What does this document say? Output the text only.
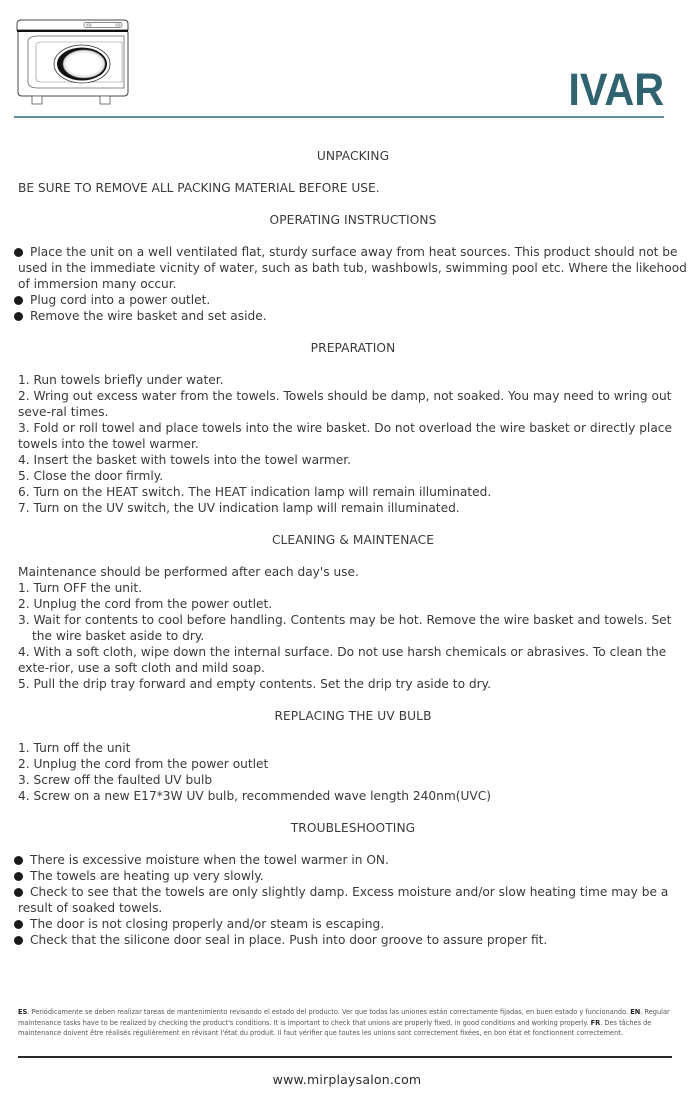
IVAR
UNPACKING
BE SURE TO REMOVE ALL PACKING MATERIAL BEFORE USE.
OPERATING INSTRUCTIONS
Place the unit on a well ventilated flat, sturdy surface away from heat sources. This product should not be used in the immediate vicnity of water, such as bath tub, washbowls, swimming pool etc. Where the likehood of immersion many occur.
Plug cord into a power outlet.
Remove the wire basket and set aside.
PREPARATION
1. Run towels briefly under water.
2. Wring out excess water from the towels. Towels should be damp, not soaked. You may need to wring out seve-ral times.
3. Fold or roll towel and place towels into the wire basket. Do not overload the wire basket or directly place towels into the towel warmer.
4. Insert the basket with towels into the towel warmer.
5. Close the door firmly.
6. Turn on the HEAT switch. The HEAT indication lamp will remain illuminated.
7. Turn on the UV switch, the UV indication lamp will remain illuminated.
CLEANING & MAINTENACE
Maintenance should be performed after each day's use.
1. Turn OFF the unit.
2. Unplug the cord from the power outlet.
3. Wait for contents to cool before handling. Contents may be hot. Remove the wire basket and towels. Set the wire basket aside to dry.
4. With a soft cloth, wipe down the internal surface. Do not use harsh chemicals or abrasives. To clean the exte-rior, use a soft cloth and mild soap.
5. Pull the drip tray forward and empty contents. Set the drip try aside to dry.
REPLACING THE UV BULB
1. Turn off the unit
2. Unplug the cord from the power outlet
3. Screw off the faulted UV bulb
4. Screw on a new E17*3W UV bulb, recommended wave length 240nm(UVC)
TROUBLESHOOTING
There is excessive moisture when the towel warmer in ON.
The towels are heating up very slowly.
Check to see that the towels are only slightly damp. Excess moisture and/or slow heating time may be a result of soaked towels.
The door is not closing properly and/or steam is escaping.
Check that the silicone door seal in place. Push into door groove to assure proper fit.
ES. Periódicamente se deben realizar tareas de mantenimiento revisando el estado del producto. Ver que todas las uniones están correctamente fijadas, en buen estado y funcionando. EN. Regular maintenance tasks have to be realized by checking the product's conditions. It is important to check that unions are properly fixed, in good conditions and working properly. FR. Des tâches de maintenance doivent être réalisés régulièrement en révisant l'état du produit. Il faut vérifier que toutes les unions sont correctement fixées, en bon état et fonctionnent correctement.
www.mirplaysalon.com
